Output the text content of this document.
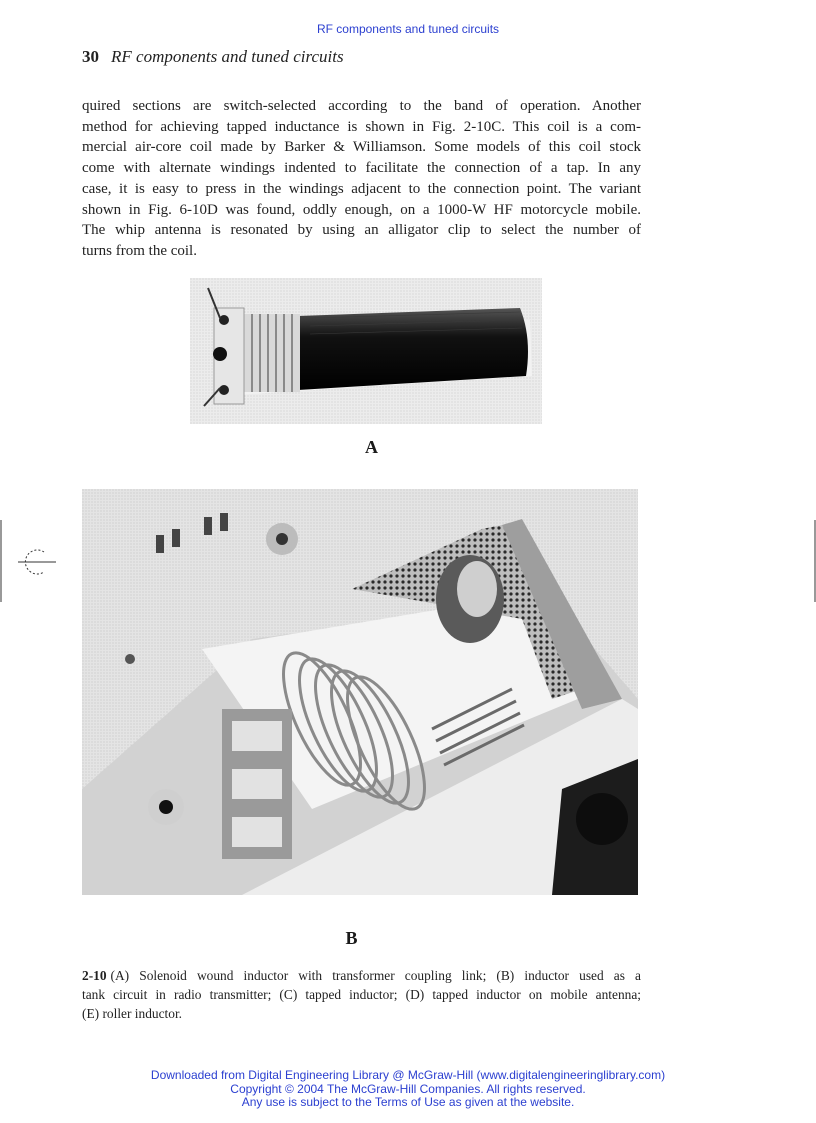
RF components and tuned circuits
30 RF components and tuned circuits
quired sections are switch-selected according to the band of operation. Another
method for achieving tapped inductance is shown in Fig. 2-10C. This coil is a com-
mercial air-core coil made by Barker & Williamson. Some models of this coil stock
come with alternate windings indented to facilitate the connection of a tap. In any
case, it is easy to press in the windings adjacent to the connection point. The variant
shown in Fig. 6-10D was found, oddly enough, on a 1000-W HF motorcycle mobile.
The whip antenna is resonated by using an alligator clip to select the number of
turns from the coil.
A
B
2-10 (A) Solenoid wound inductor with transformer coupling link; (B) inductor used as a
tank circuit in radio transmitter; (C) tapped inductor; (D) tapped inductor on mobile antenna;
(E) roller inductor.
Downloaded from Digital Engineering Library @ McGraw-Hill (www.digitalengineeringlibrary.com)
Copyright © 2004 The McGraw-Hill Companies. All rights reserved.
Any use is subject to the Terms of Use as given at the website.
